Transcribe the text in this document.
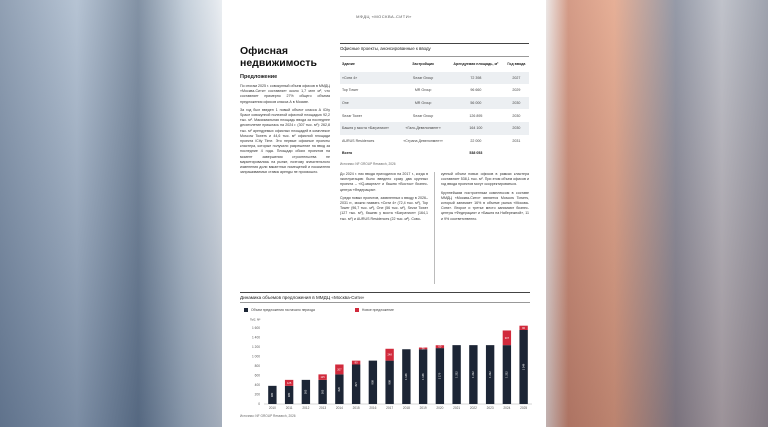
МФДЦ «МОСКВА-СИТИ»
Офисная
недвижимость
Предложение

По итогам 2025 г. совокупный объем офисов в ММДЦ «Москва-Сити» составляет около 1,7 млн м², что составляет примерно 27% общего объема предложения офисов класса А в Москве.

За год был введен 1 новый объект класса А iCity Space совокупной полезной офисной площадью 92,2 тыс. м². Максимальная площадь ввода за последнее десятилетие пришлась на 2024 г. (307 тыс. м²): 262,8 тыс. м² арендуемых офисных площадей в комплексе Moscow Towers и 44,6 тыс. м² офисной площади проекта iCity Time. Это первые офисные проекты кластера, которые получили разрешение на ввод за последние 4 года. Площади обоих проектов на момент завершения строительства не маркетировались на рынке, поэтому значительного изменения доли вакантных помещений и показателя запрашиваемых ставок аренды не произошло.

Офисные проекты, анонсированные к вводу
Здание	Застройщик	Арендуемая площадь, м²	Год ввода
«Сити 4»	Sezar Group	72 398	2027
Top Tower	MR Group	96 660	2029
One	MR Group	56 000	2030
Sezar Tower	Sezar Group	126 895	2030
Башня у моста «Багратион»	«Галс-Девелопмент»	164 100	2030
AURUS Residences	«Страна Девелопмент»	22 000	2031
Всего		538 053	
Источник: NF GROUP Research, 2026

До 2024 г. пик ввода приходился на 2017 г., когда в эксплуатацию было введено сразу два крупных проекта – «IQ-квартал» и башня «Восток» бизнес-центра «Федерация».

Среди новых проектов, заявленных к вводу в 2026–2031 гг., можно назвать «Сити 4» (72,4 тыс. м²), Top Tower (96,7 тыс. м²), One (56 тыс. м²), Sezar Tower (127 тыс. м²), башню у моста «Багратион» (164,1 тыс. м²) и AURUS Residences (22 тыс. м²). Сово-

купный объем новых офисов в рамках кластера составляет 538,1 тыс. м². При этом объем офисов и год ввода проектов могут скорректироваться.

Крупнейшим построенным комплексом в составе ММДЦ «Москва-Сити» является Moscow Towers, который занимает 16% в объеме рынка «Москва-Сити». Второе и третье место занимают бизнес-центры «Федерация» и «Башня на Набережной», 11 и 9% соответственно.

Динамика объемов предложения в ММДЦ «Москва-Сити»
Объем предложения на начало периода	Новое предложение
тыс. м²
0
200
400
600
800
1 000
1 200
1 400
1 600
380
2010
380
125
2011
505
2012
505
115
2013
620
207
2014
827
80
2015
908
2016
908
248
2017
1 146
2018
1 146
36
2019
1 170
60
2020
1 232
2021
1 232
2022
1 232
2023
1 232
307
2024
1 549
90
2025
Источник: NF GROUP Research, 2026
